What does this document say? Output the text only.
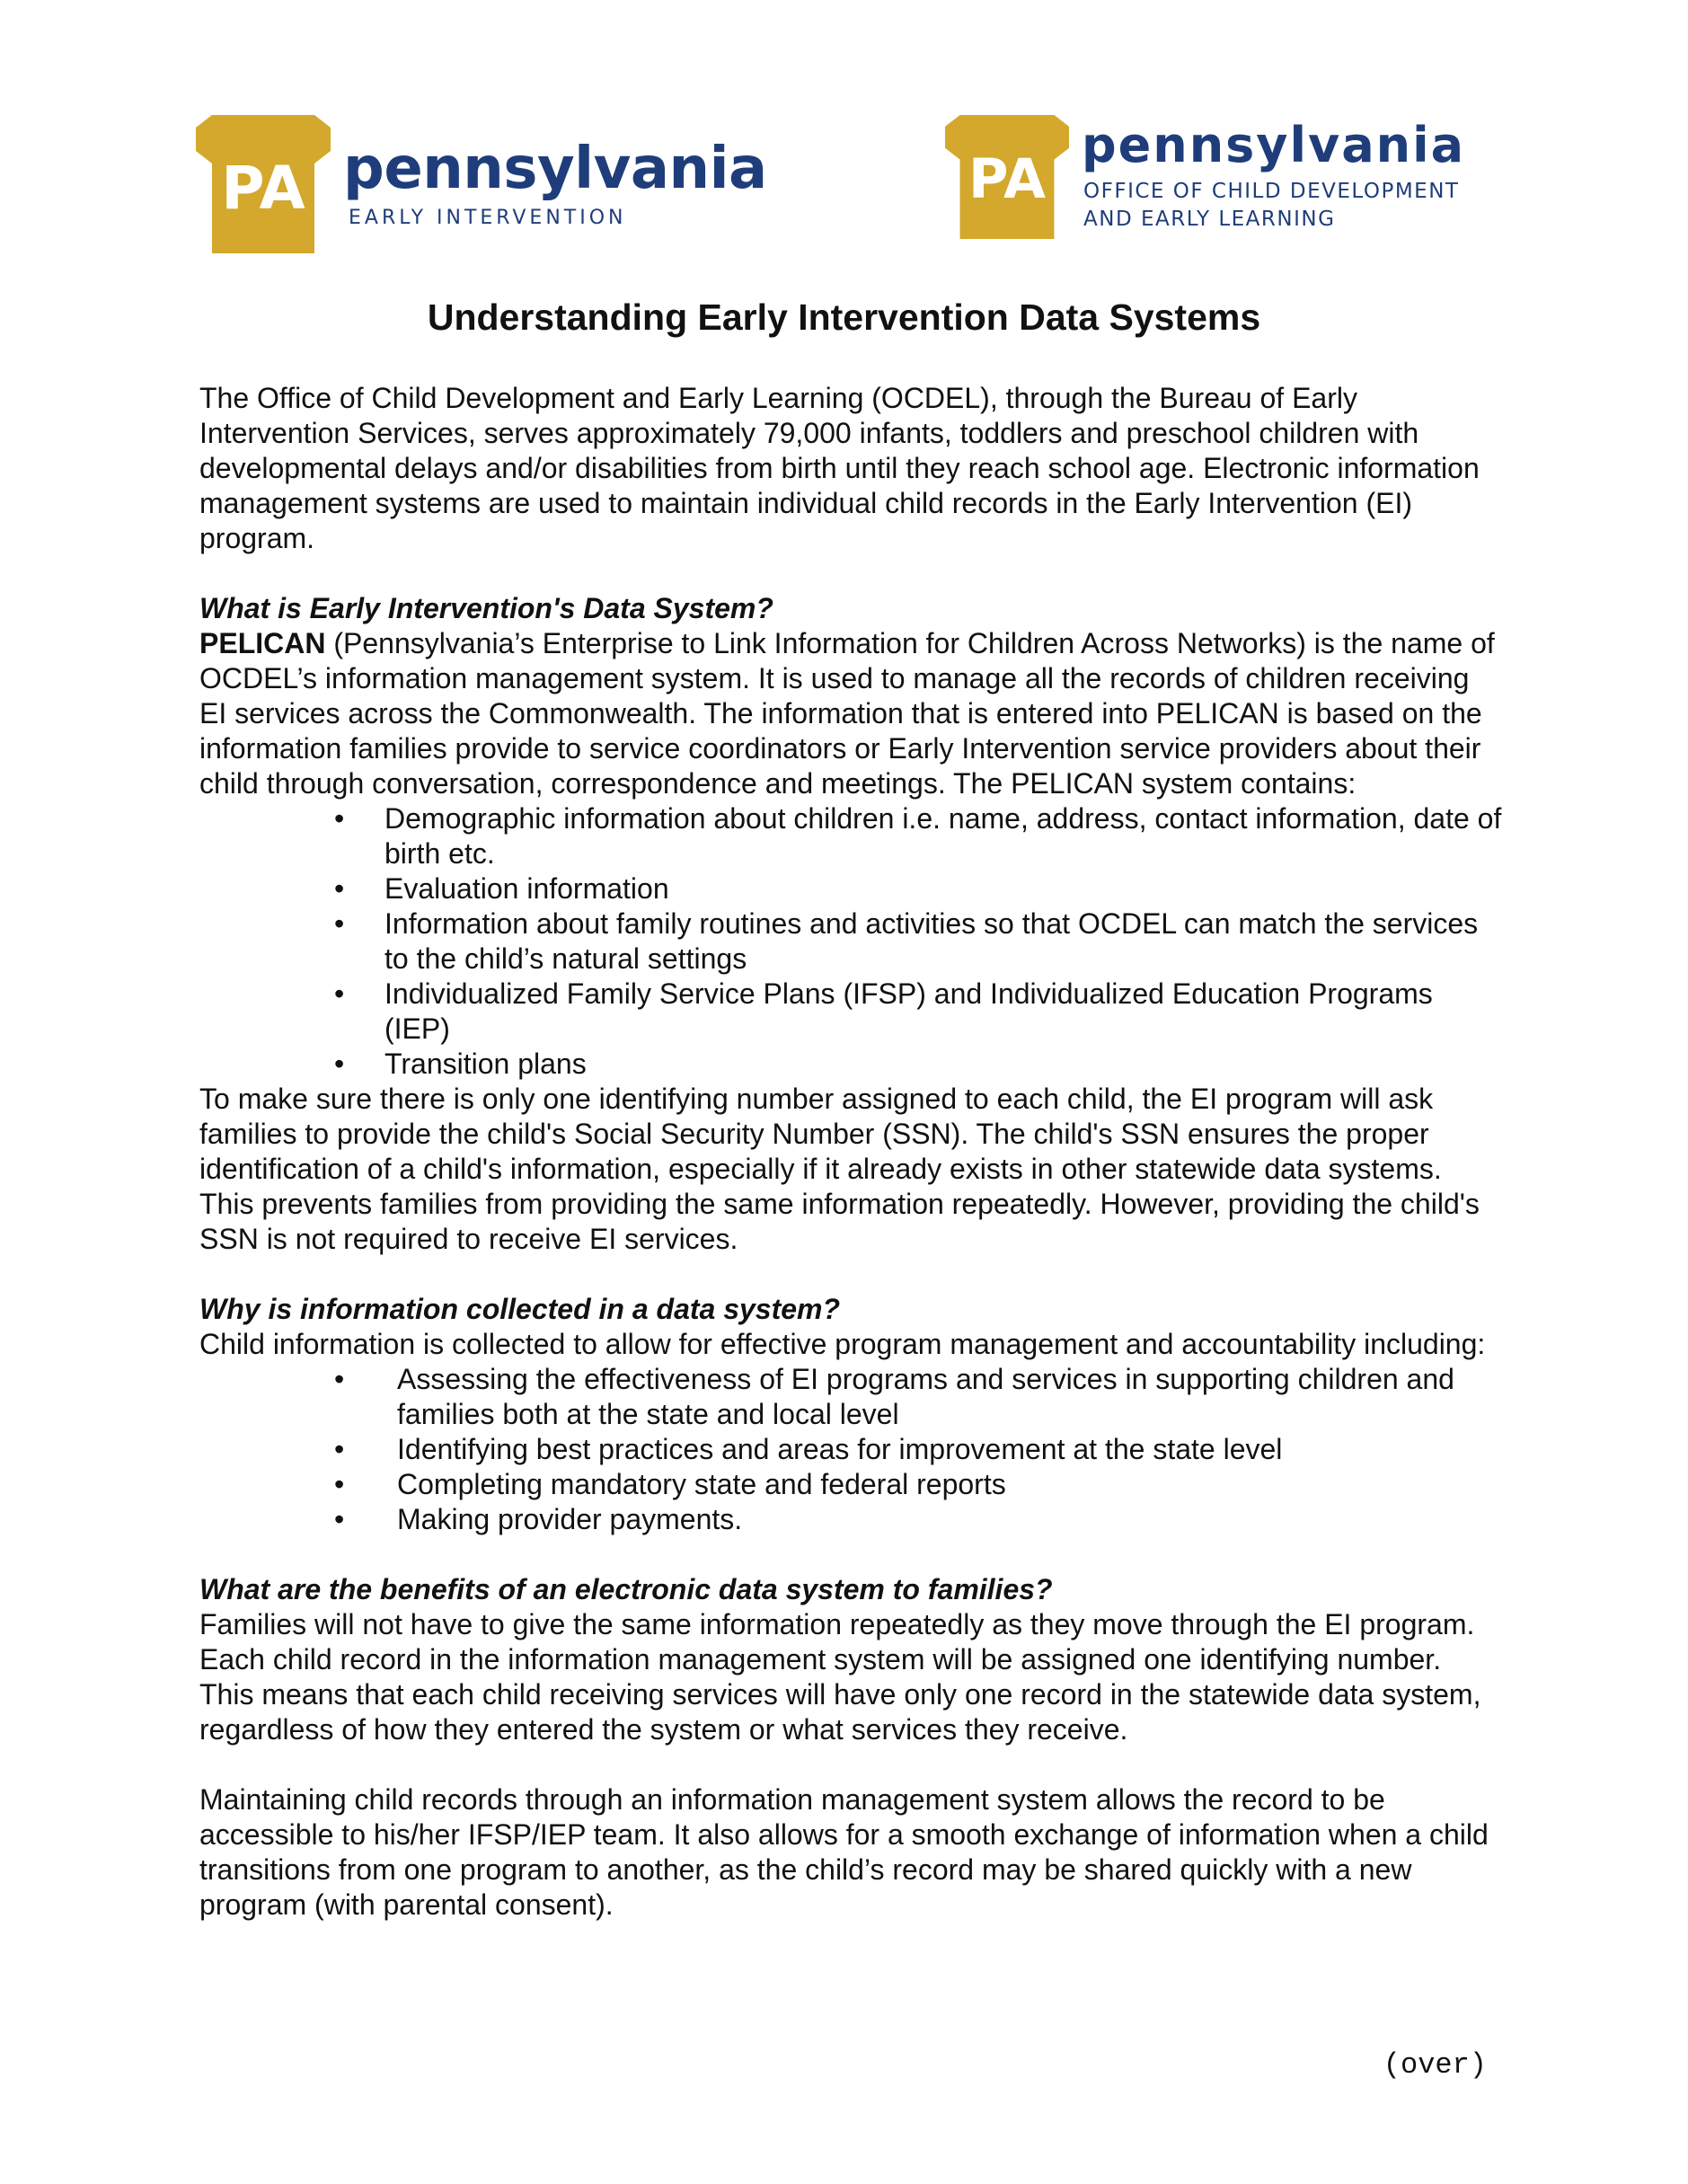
PA pennsylvania
EARLY INTERVENTION
PA
pennsylvania
OFFICE OF CHILD DEVELOPMENT
AND EARLY LEARNING
Understanding Early Intervention Data Systems

The Office of Child Development and Early Learning (OCDEL), through the Bureau of Early Intervention Services, serves approximately 79,000 infants, toddlers and preschool children with developmental delays and/or disabilities from birth until they reach school age. Electronic information management systems are used to maintain individual child records in the Early Intervention (EI) program.

What is Early Intervention's Data System?

PELICAN (Pennsylvania’s Enterprise to Link Information for Children Across Networks) is the name of OCDEL’s information management system. It is used to manage all the records of children receiving EI services across the Commonwealth. The information that is entered into PELICAN is based on the information families provide to service coordinators or Early Intervention service providers about their child through conversation, correspondence and meetings. The PELICAN system contains:

• Demographic information about children i.e. name, address, contact information, date of birth etc.
• Evaluation information
• Information about family routines and activities so that OCDEL can match the services to the child’s natural settings
• Individualized Family Service Plans (IFSP) and Individualized Education Programs (IEP)
• Transition plans

To make sure there is only one identifying number assigned to each child, the EI program will ask families to provide the child's Social Security Number (SSN). The child's SSN ensures the proper identification of a child's information, especially if it already exists in other statewide data systems. This prevents families from providing the same information repeatedly. However, providing the child's SSN is not required to receive EI services.

Why is information collected in a data system?

Child information is collected to allow for effective program management and accountability including:

• Assessing the effectiveness of EI programs and services in supporting children and families both at the state and local level
• Identifying best practices and areas for improvement at the state level
• Completing mandatory state and federal reports
• Making provider payments.

What are the benefits of an electronic data system to families?

Families will not have to give the same information repeatedly as they move through the EI program. Each child record in the information management system will be assigned one identifying number. This means that each child receiving services will have only one record in the statewide data system, regardless of how they entered the system or what services they receive.

Maintaining child records through an information management system allows the record to be accessible to his/her IFSP/IEP team. It also allows for a smooth exchange of information when a child transitions from one program to another, as the child’s record may be shared quickly with a new program (with parental consent).

(over)
